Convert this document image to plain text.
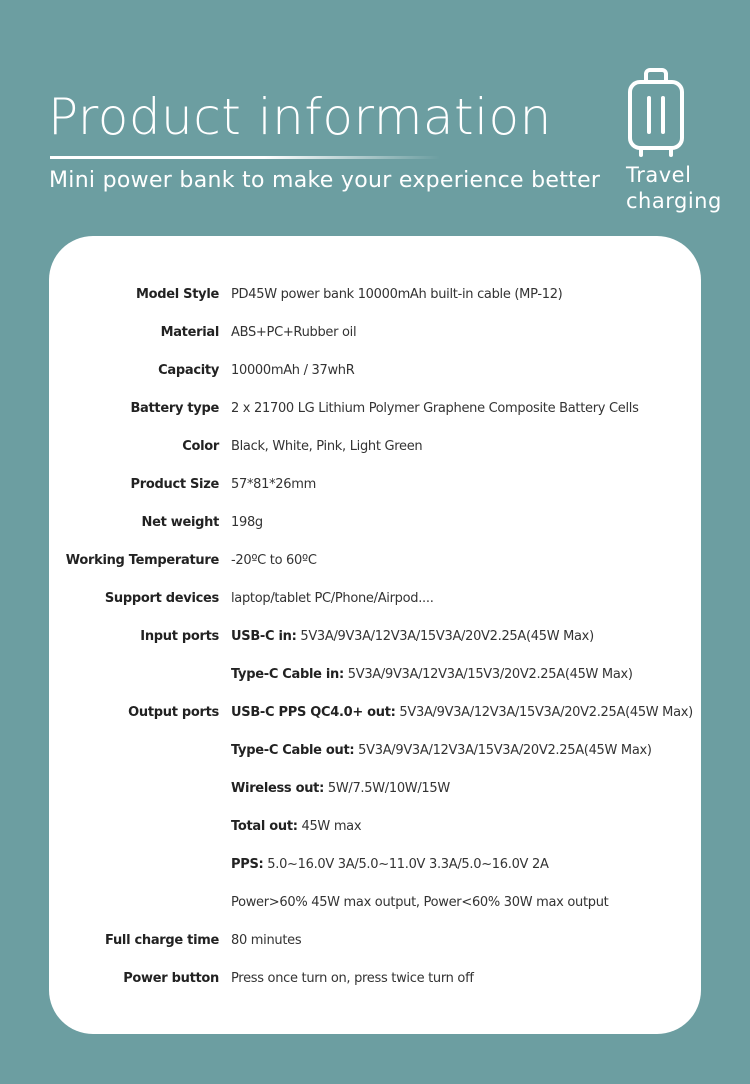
Product information
Mini power bank to make your experience better Travel
charging
Model Style PD45W power bank 10000mAh built-in cable (MP-12)
Material ABS+PC+Rubber oil
Capacity 10000mAh / 37whR
Battery type 2 x 21700 LG Lithium Polymer Graphene Composite Battery Cells
Color Black, White, Pink, Light Green
Product Size 57*81*26mm
Net weight 198g
Working Temperature -20ºC to 60ºC
Support devices laptop/tablet PC/Phone/Airpod....
Input ports USB-C in: 5V3A/9V3A/12V3A/15V3A/20V2.25A(45W Max)
Type-C Cable in: 5V3A/9V3A/12V3A/15V3/20V2.25A(45W Max)
Output ports USB-C PPS QC4.0+ out: 5V3A/9V3A/12V3A/15V3A/20V2.25A(45W Max)
Type-C Cable out: 5V3A/9V3A/12V3A/15V3A/20V2.25A(45W Max)
Wireless out: 5W/7.5W/10W/15W
Total out: 45W max
PPS: 5.0~16.0V 3A/5.0~11.0V 3.3A/5.0~16.0V 2A
Power>60% 45W max output, Power<60% 30W max output
Full charge time 80 minutes
Power button Press once turn on, press twice turn off
